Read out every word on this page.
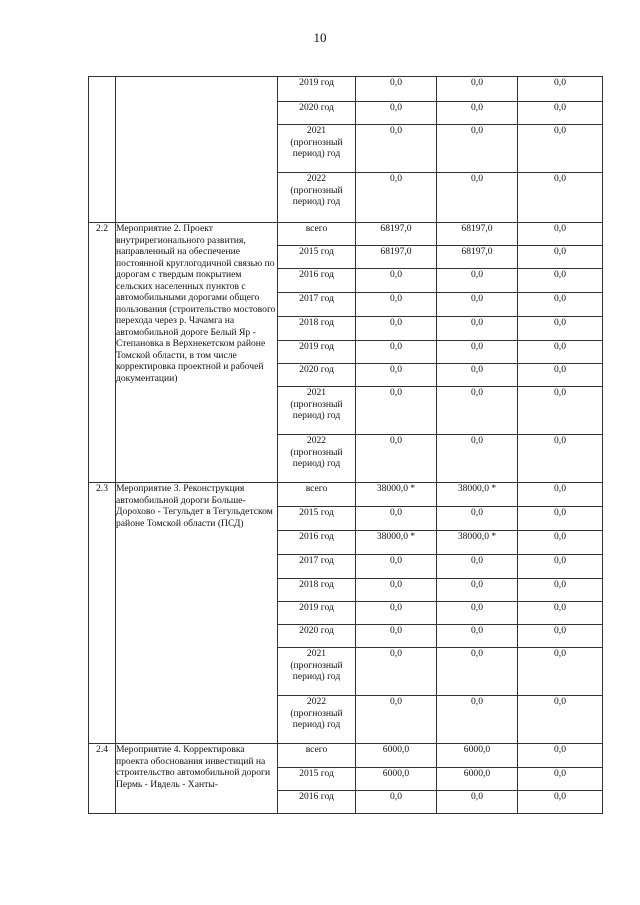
10
		2019 год	0,0	0,0	0,0
		2020 год	0,0	0,0	0,0
		2021
(прогнозный
период) год	0,0	0,0	0,0
		2022
(прогнозный
период) год	0,0	0,0	0,0
2.2	Мероприятие 2. Проект внутрирегионального развития, направленный на обеспечение постоянной круглогодичной связью по дорогам с твердым покрытием сельских населенных пунктов с автомобильными дорогами общего пользования (строительство мостового перехода через р. Чачамга на автомобильной дороге Белый Яр - Степановка в Верхнекетском районе Томской области, в том числе корректировка проектной и рабочей документации)	всего	68197,0	68197,0	0,0
		2015 год	68197,0	68197,0	0,0
		2016 год	0,0	0,0	0,0
		2017 год	0,0	0,0	0,0
		2018 год	0,0	0,0	0,0
		2019 год	0,0	0,0	0,0
		2020 год	0,0	0,0	0,0
		2021
(прогнозный
период) год	0,0	0,0	0,0
		2022
(прогнозный
период) год	0,0	0,0	0,0
2.3	Мероприятие 3. Реконструкция автомобильной дороги Больше-Дорохово - Тегульдет в Тегульдетском районе Томской области (ПСД)	всего	38000,0 *	38000,0 *	0,0
		2015 год	0,0	0,0	0,0
		2016 год	38000,0 *	38000,0 *	0,0
		2017 год	0,0	0,0	0,0
		2018 год	0,0	0,0	0,0
		2019 год	0,0	0,0	0,0
		2020 год	0,0	0,0	0,0
		2021
(прогнозный
период) год	0,0	0,0	0,0
		2022
(прогнозный
период) год	0,0	0,0	0,0
2.4	Мероприятие 4. Корректировка проекта обоснования инвестиций на строительство автомобильной дороги Пермь - Ивдель - Ханты-	всего	6000,0	6000,0	0,0
		2015 год	6000,0	6000,0	0,0
		2016 год	0,0	0,0	0,0
